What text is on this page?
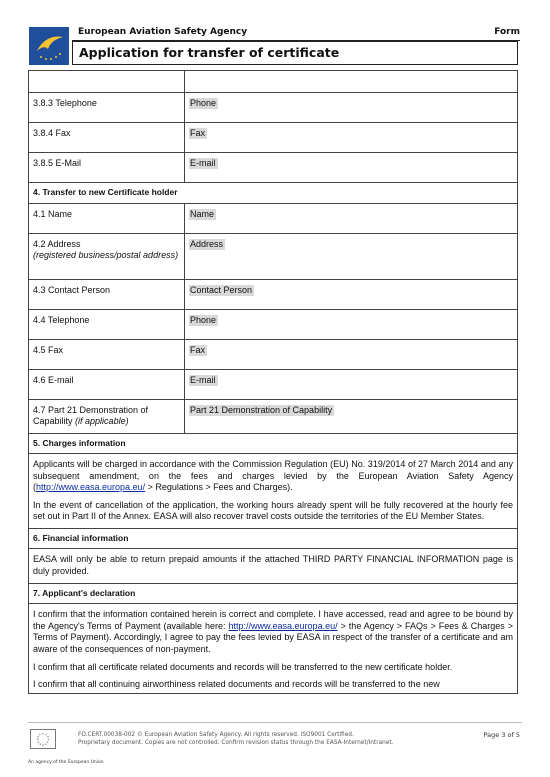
European Aviation Safety Agency	Form
Application for transfer of certificate

3.8.3 Telephone	Phone
3.8.4 Fax	Fax
3.8.5 E-Mail	E-mail
4. Transfer to new Certificate holder	
4.1 Name	Name
4.2 Address
(registered business/postal address)	Address
4.3 Contact Person	Contact Person
4.4 Telephone	Phone
4.5 Fax	Fax
4.6 E-mail	E-mail
4.7 Part 21 Demonstration of Capability (if applicable)	Part 21 Demonstration of Capability
5. Charges information	

Applicants will be charged in accordance with the Commission Regulation (EU) No. 319/2014 of 27 March 2014 and any subsequent amendment, on the fees and charges levied by the European Aviation Safety Agency (http://www.easa.europa.eu/ > Regulations > Fees and Charges).

In the event of cancellation of the application, the working hours already spent will be fully recovered at the hourly fee set out in Part II of the Annex. EASA will also recover travel costs outside the territories of the EU Member States.	

6. Financial information	

EASA will only be able to return prepaid amounts if the attached THIRD PARTY FINANCIAL INFORMATION page is duly provided.	

7. Applicant's declaration	

I confirm that the information contained herein is correct and complete. I have accessed, read and agree to be bound by the Agency's Terms of Payment (available here: http://www.easa.europa.eu/ > the Agency > FAQs > Fees & Charges > Terms of Payment). Accordingly, I agree to pay the fees levied by EASA in respect of the transfer of a certificate and am aware of the consequences of non-payment.

I confirm that all certificate related documents and records will be transferred to the new certificate holder.

I confirm that all continuing airworthiness related documents and records will be transferred to the new	

FO.CERT.00038-002 © European Aviation Safety Agency. All rights reserved. ISO9001 Certified.
Proprietary document. Copies are not controlled. Confirm revision status through the EASA-Internet/Intranet.
Page 3 of 5
An agency of the European Union
